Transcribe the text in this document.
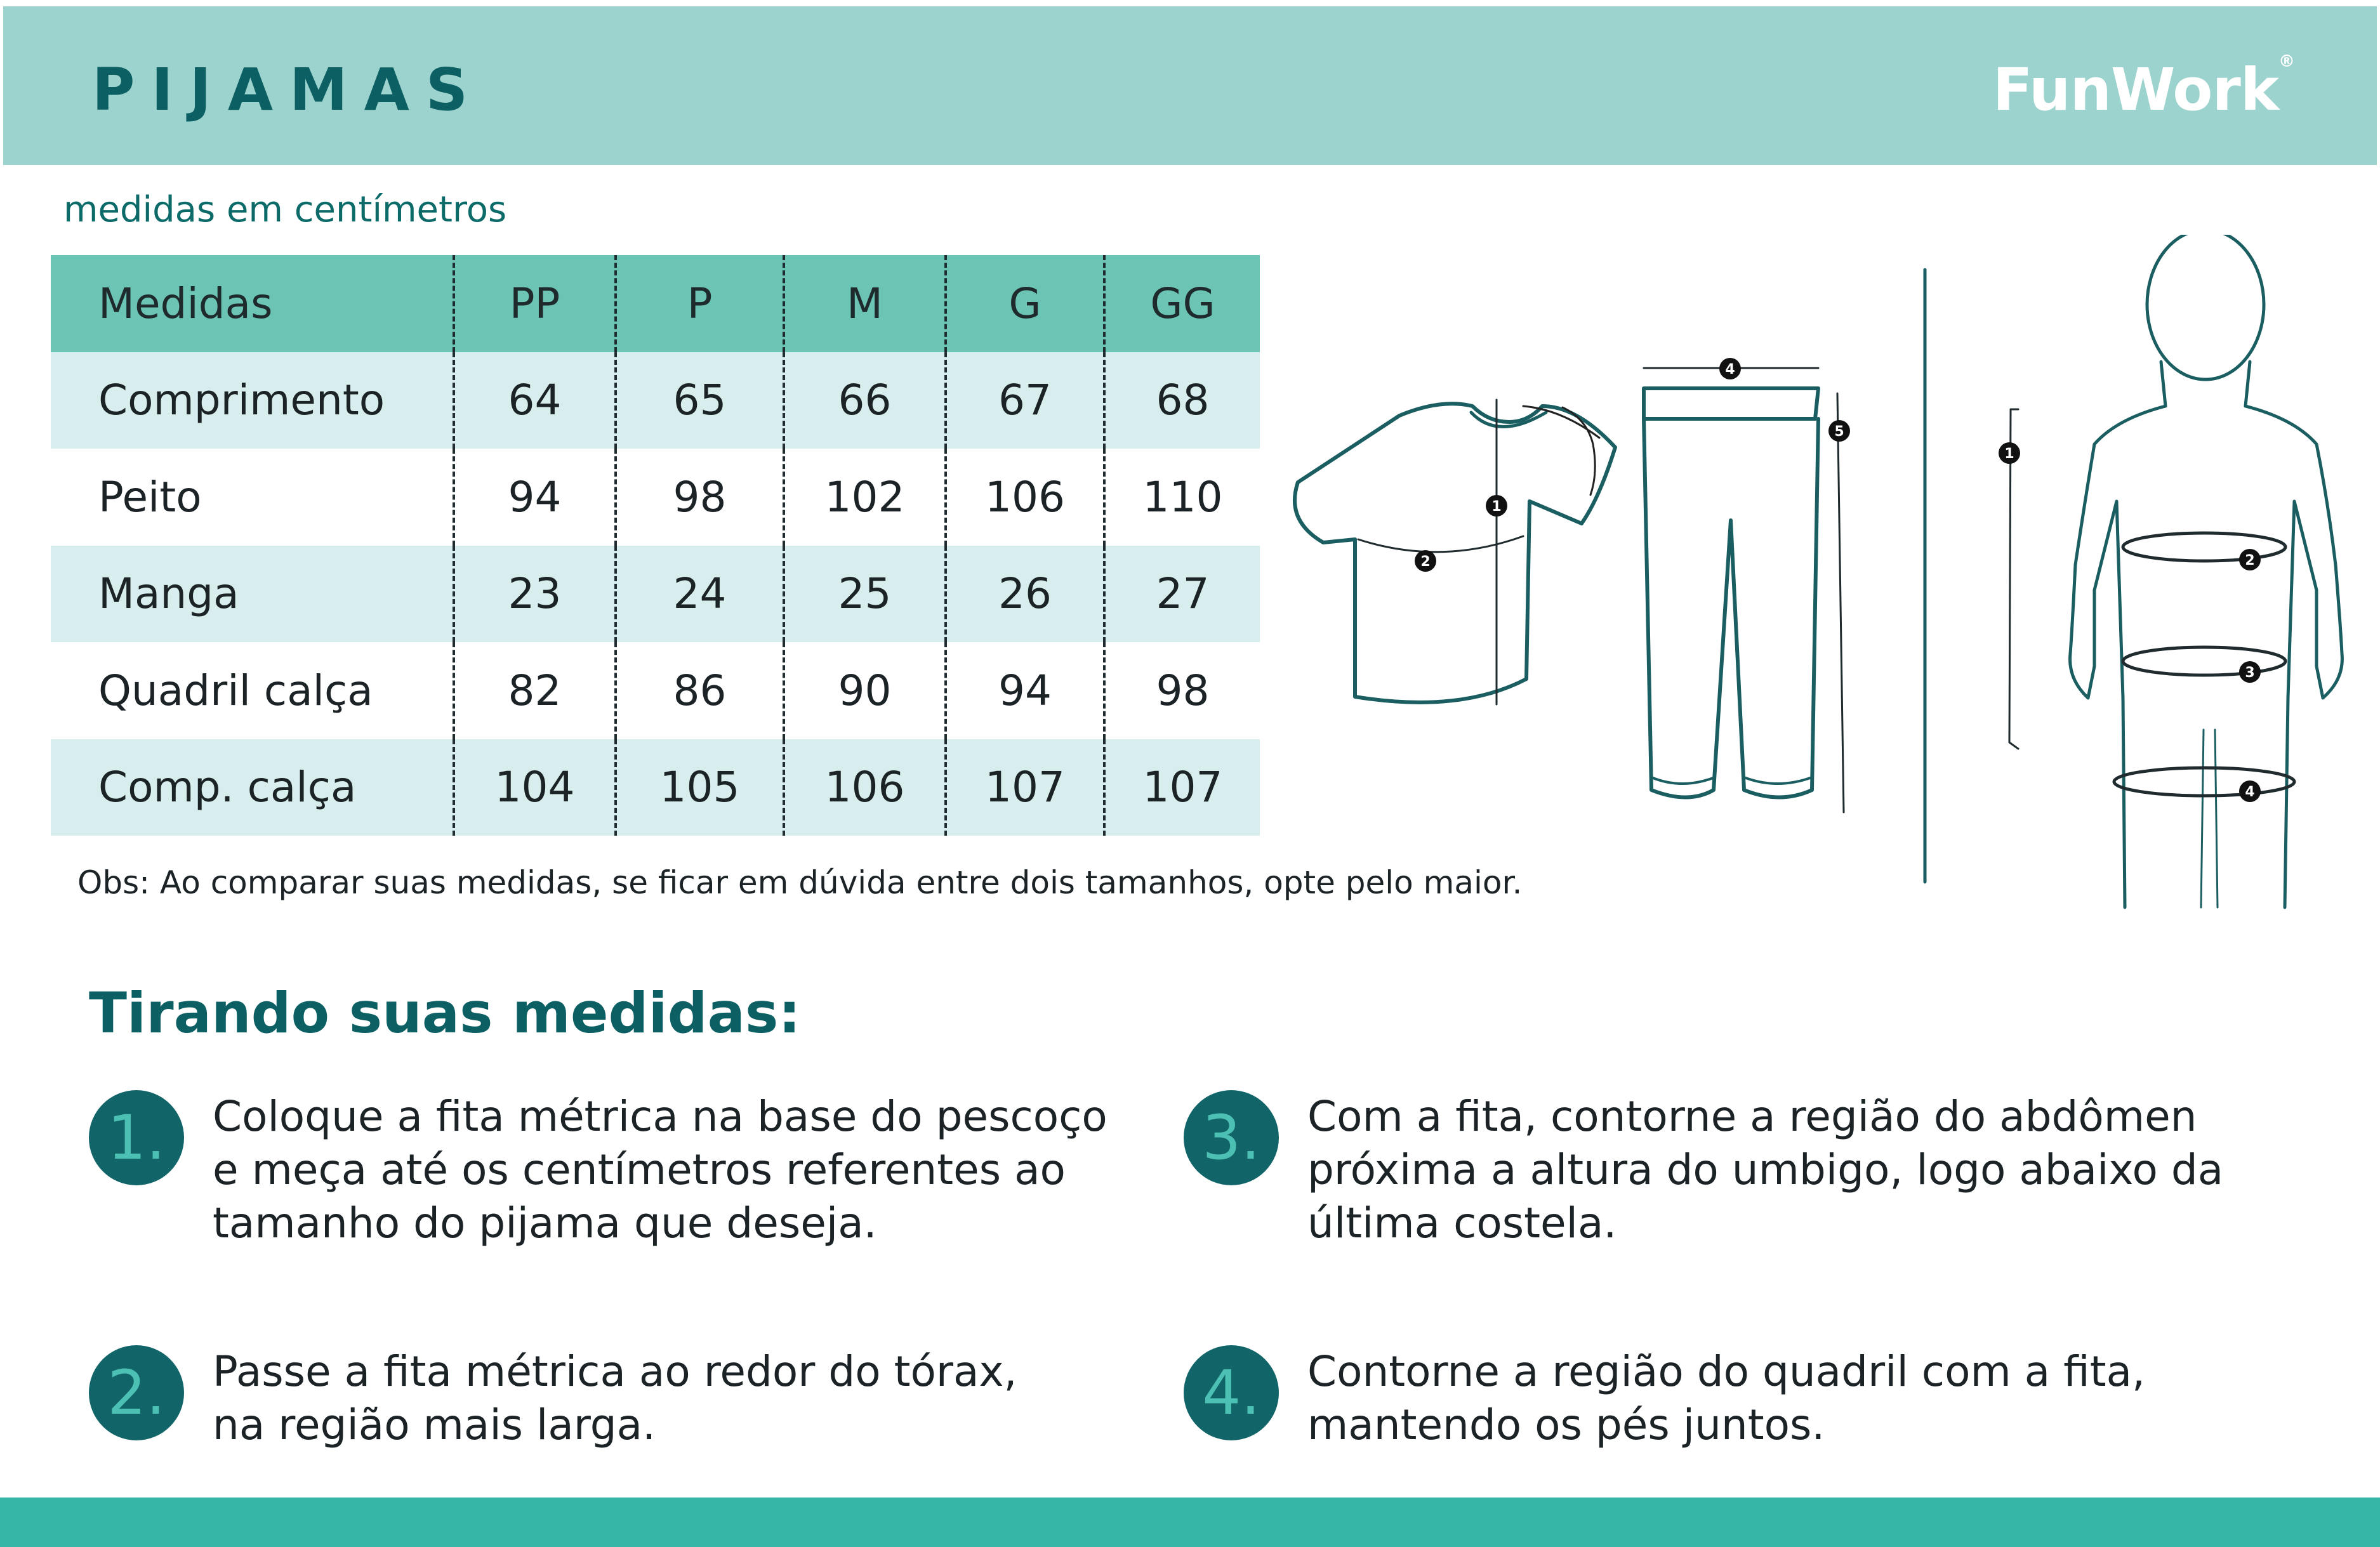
PIJAMAS	FunWork®
medidas em centímetros
Medidas	PP	P	M	G	GG
Comprimento	64	65	66	67	68
Peito	94	98	102	106	110
Manga	23	24	25	26	27
Quadril calça	82	86	90	94	98
Comp. calça	104	105	106	107	107
Obs: Ao comparar suas medidas, se ficar em dúvida entre dois tamanhos, opte pelo maior.
1
2
4
5
1
2
3
4
Tirando suas medidas:
1.	Coloque a fita métrica na base do pescoço
e meça até os centímetros referentes ao
tamanho do pijama que deseja.
2.	Passe a fita métrica ao redor do tórax,
na região mais larga.
3.	Com a fita, contorne a região do abdômen
próxima a altura do umbigo, logo abaixo da
última costela.
4.	Contorne a região do quadril com a fita,
mantendo os pés juntos.
